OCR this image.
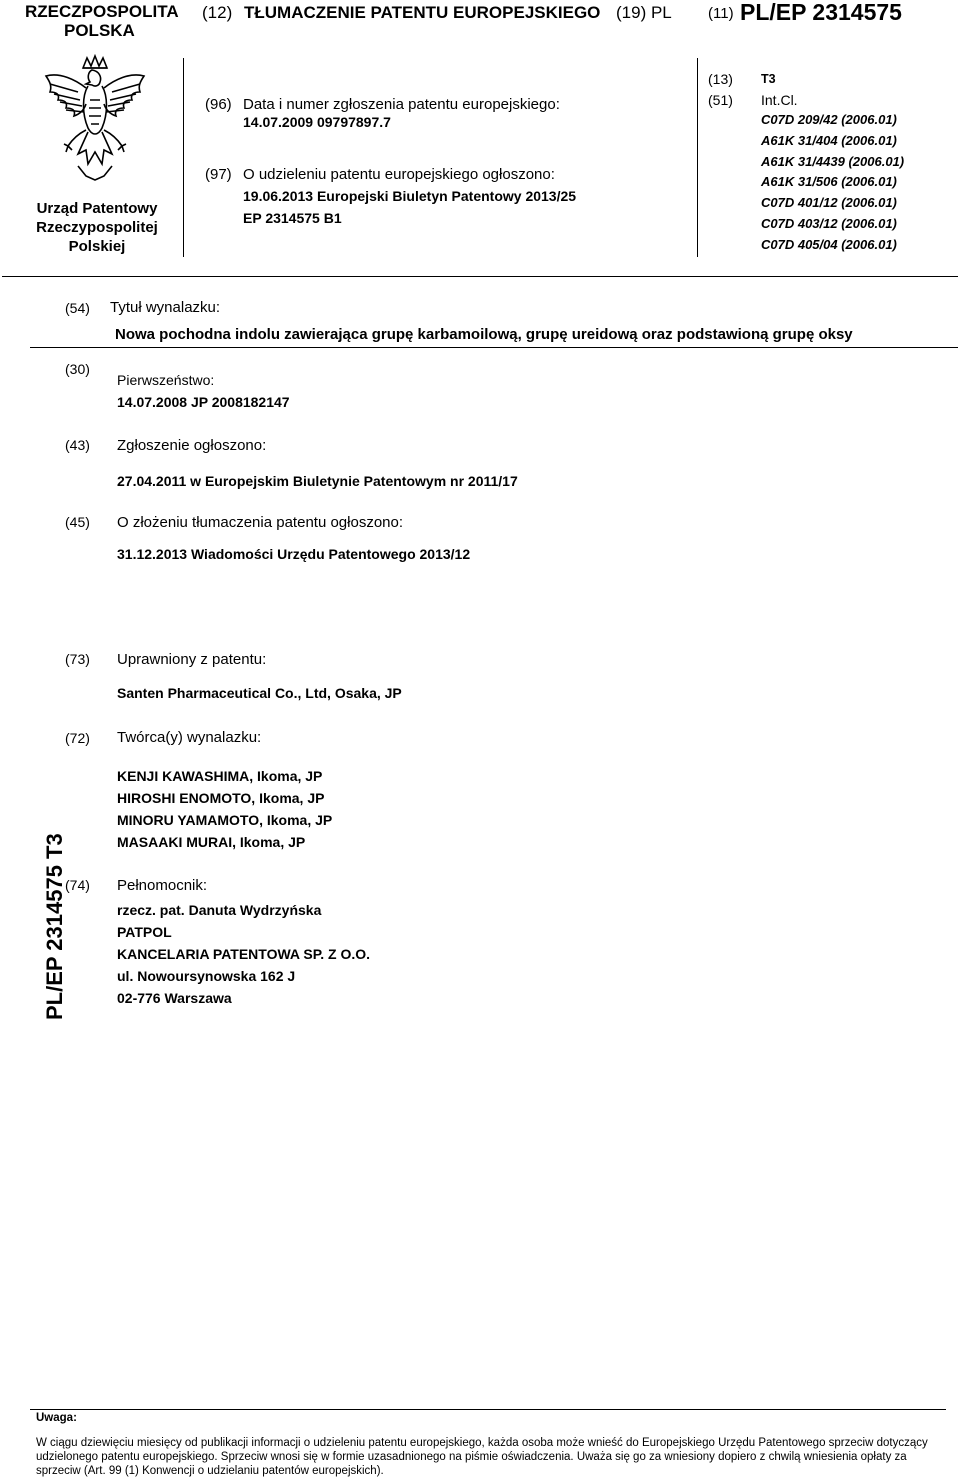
RZECZPOSPOLITA
POLSKA
(12) TŁUMACZENIE PATENTU EUROPEJSKIEGO (19) PL (11) PL/EP 2314575
Urząd Patentowy
Rzeczypospolitej
Polskiej
(96) Data i numer zgłoszenia patentu europejskiego:
14.07.2009 09797897.7
(97) O udzieleniu patentu europejskiego ogłoszono:
19.06.2013 Europejski Biuletyn Patentowy 2013/25
EP 2314575 B1
(13) T3
(51) Int.Cl.
C07D 209/42 (2006.01)
A61K 31/404 (2006.01)
A61K 31/4439 (2006.01)
A61K 31/506 (2006.01)
C07D 401/12 (2006.01)
C07D 403/12 (2006.01)
C07D 405/04 (2006.01)
(54) Tytuł wynalazku:
Nowa pochodna indolu zawierająca grupę karbamoilową, grupę ureidową oraz podstawioną grupę oksy
(30)
Pierwszeństwo:
14.07.2008 JP 2008182147
(43) Zgłoszenie ogłoszono:
27.04.2011 w Europejskim Biuletynie Patentowym nr 2011/17
(45) O złożeniu tłumaczenia patentu ogłoszono:
31.12.2013 Wiadomości Urzędu Patentowego 2013/12
(73) Uprawniony z patentu:
Santen Pharmaceutical Co., Ltd, Osaka, JP
(72) Twórca(y) wynalazku:
KENJI KAWASHIMA, Ikoma, JP
HIROSHI ENOMOTO, Ikoma, JP
MINORU YAMAMOTO, Ikoma, JP
MASAAKI MURAI, Ikoma, JP
(74) Pełnomocnik:
rzecz. pat. Danuta Wydrzyńska
PATPOL
KANCELARIA PATENTOWA SP. Z O.O.
ul. Nowoursynowska 162 J
02-776 Warszawa
PL/EP 2314575 T3
Uwaga:
W ciągu dziewięciu miesięcy od publikacji informacji o udzieleniu patentu europejskiego, każda osoba może wnieść do Europejskiego Urzędu Patentowego sprzeciw dotyczący udzielonego patentu europejskiego. Sprzeciw wnosi się w formie uzasadnionego na piśmie oświadczenia. Uważa się go za wniesiony dopiero z chwilą wniesienia opłaty za sprzeciw (Art. 99 (1) Konwencji o udzielaniu patentów europejskich).
